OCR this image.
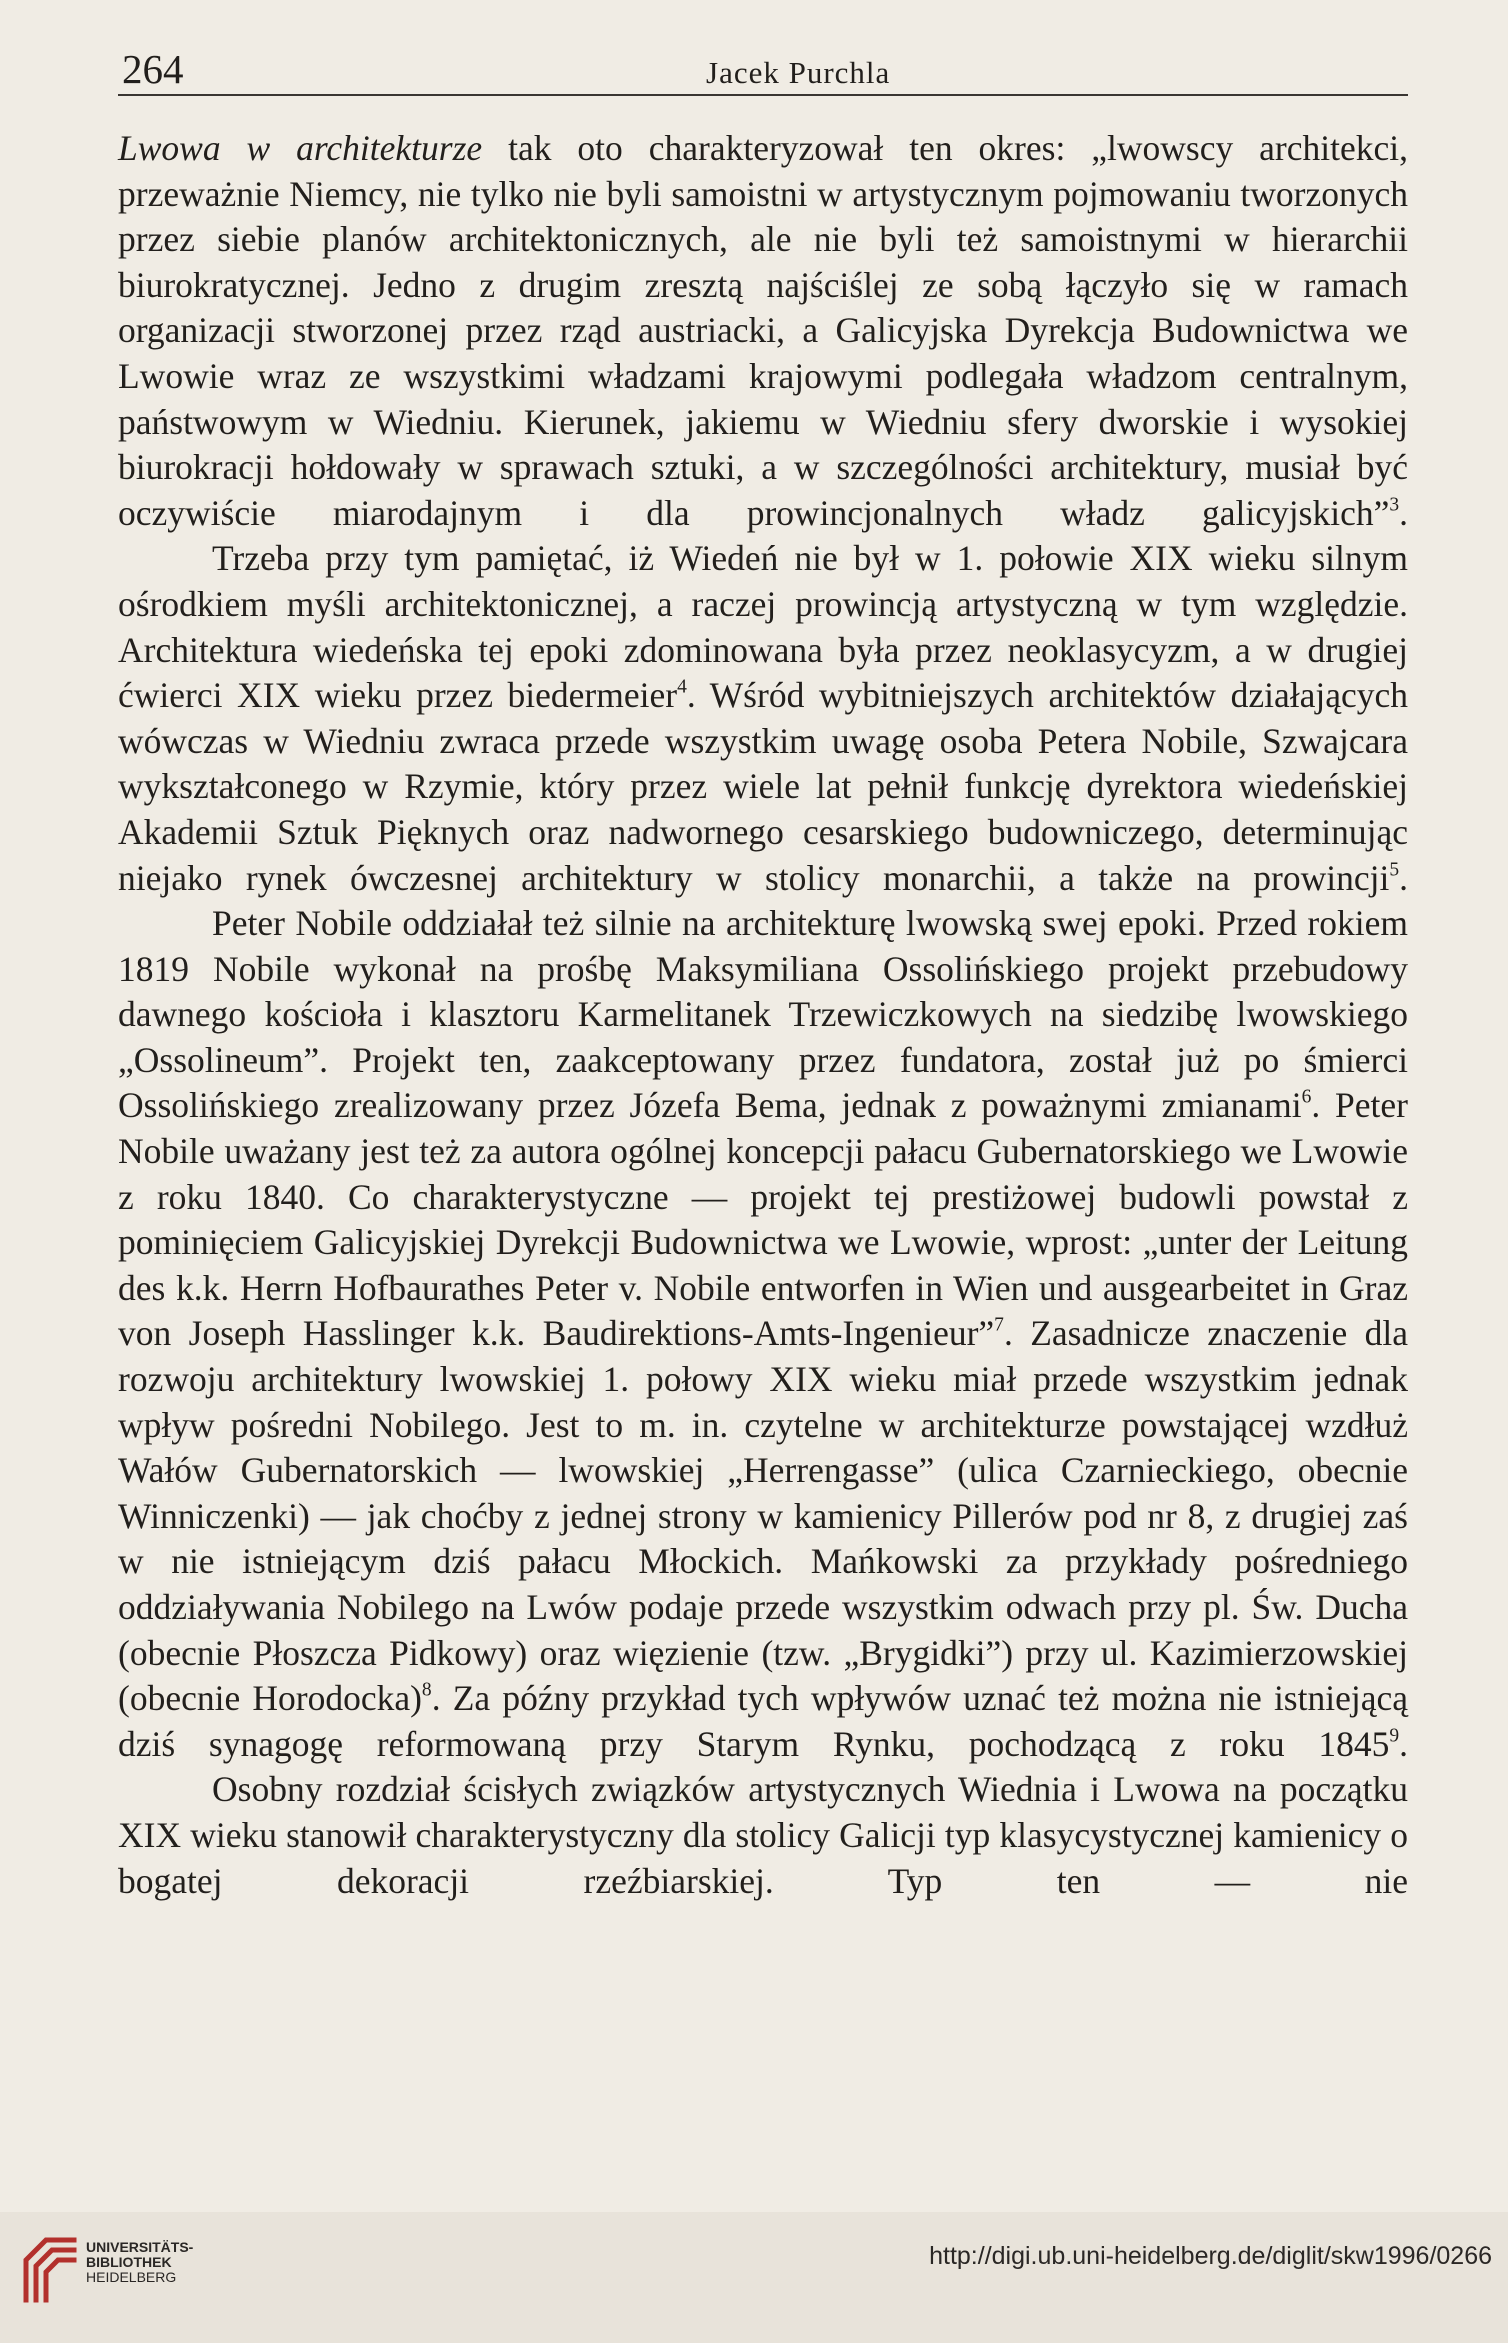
264	Jacek Purchla

Lwowa w architekturze tak oto charakteryzował ten okres: „lwowscy architekci, przeważnie Niemcy, nie tylko nie byli samoistni w artystycznym pojmowaniu tworzonych przez siebie planów architektonicznych, ale nie byli też samoistnymi w hierarchii biurokratycznej. Jedno z drugim zresztą najściślej ze sobą łączyło się w ramach organizacji stworzonej przez rząd austriacki, a Galicyjska Dyrekcja Budownictwa we Lwowie wraz ze wszystkimi władzami krajowymi podlegała władzom centralnym, państwowym w Wiedniu. Kierunek, jakiemu w Wiedniu sfery dworskie i wysokiej biurokracji hołdowały w sprawach sztuki, a w szczególności architektury, musiał być oczywiście miarodajnym i dla prowincjonalnych władz galicyjskich”$^3$.

Trzeba przy tym pamiętać, iż Wiedeń nie był w 1. połowie XIX wieku silnym ośrodkiem myśli architektonicznej, a raczej prowincją artystyczną w tym względzie. Architektura wiedeńska tej epoki zdominowana była przez neoklasycyzm, a w drugiej ćwierci XIX wieku przez biedermeier$^4$. Wśród wybitniejszych architektów działających wówczas w Wiedniu zwraca przede wszystkim uwagę osoba Petera Nobile, Szwajcara wykształconego w Rzymie, który przez wiele lat pełnił funkcję dyrektora wiedeńskiej Akademii Sztuk Pięknych oraz nadwornego cesarskiego budowniczego, determinując niejako rynek ówczesnej architektury w stolicy monarchii, a także na prowincji$^5$.

Peter Nobile oddziałał też silnie na architekturę lwowską swej epoki. Przed rokiem 1819 Nobile wykonał na prośbę Maksymiliana Ossolińskiego projekt przebudowy dawnego kościoła i klasztoru Karmelitanek Trzewiczkowych na siedzibę lwowskiego „Ossolineum”. Projekt ten, zaakceptowany przez fundatora, został już po śmierci Ossolińskiego zrealizowany przez Józefa Bema, jednak z poważnymi zmianami$^6$. Peter Nobile uważany jest też za autora ogólnej koncepcji pałacu Gubernatorskiego we Lwowie z roku 1840. Co charakterystyczne — projekt tej prestiżowej budowli powstał z pominięciem Galicyjskiej Dyrekcji Budownictwa we Lwowie, wprost: „unter der Leitung des k.k. Herrn Hofbaurathes Peter v. Nobile entworfen in Wien und ausgearbeitet in Graz von Joseph Hasslinger k.k. Baudirektions-Amts-Ingenieur”$^7$. Zasadnicze znaczenie dla rozwoju architektury lwowskiej 1. połowy XIX wieku miał przede wszystkim jednak wpływ pośredni Nobilego. Jest to m. in. czytelne w architekturze powstającej wzdłuż Wałów Gubernatorskich — lwowskiej „Herrengasse” (ulica Czarnieckiego, obecnie Winniczenki) — jak choćby z jednej strony w kamienicy Pillerów pod nr 8, z drugiej zaś w nie istniejącym dziś pałacu Młockich. Mańkowski za przykłady pośredniego oddziaływania Nobilego na Lwów podaje przede wszystkim odwach przy pl. Św. Ducha (obecnie Płoszcza Pidkowy) oraz więzienie (tzw. „Brygidki”) przy ul. Kazimierzowskiej (obecnie Horodocka)$^8$. Za późny przykład tych wpływów uznać też można nie istniejącą dziś synagogę reformowaną przy Starym Rynku, pochodzącą z roku 1845$^9$.

Osobny rozdział ścisłych związków artystycznych Wiednia i Lwowa na początku XIX wieku stanowił charakterystyczny dla stolicy Galicji typ klasycystycznej kamienicy o bogatej dekoracji rzeźbiarskiej. Typ ten — nie

UNIVERSITÄTS-
BIBLIOTHEK
HEIDELBERG
http://digi.ub.uni-heidelberg.de/diglit/skw1996/0266
